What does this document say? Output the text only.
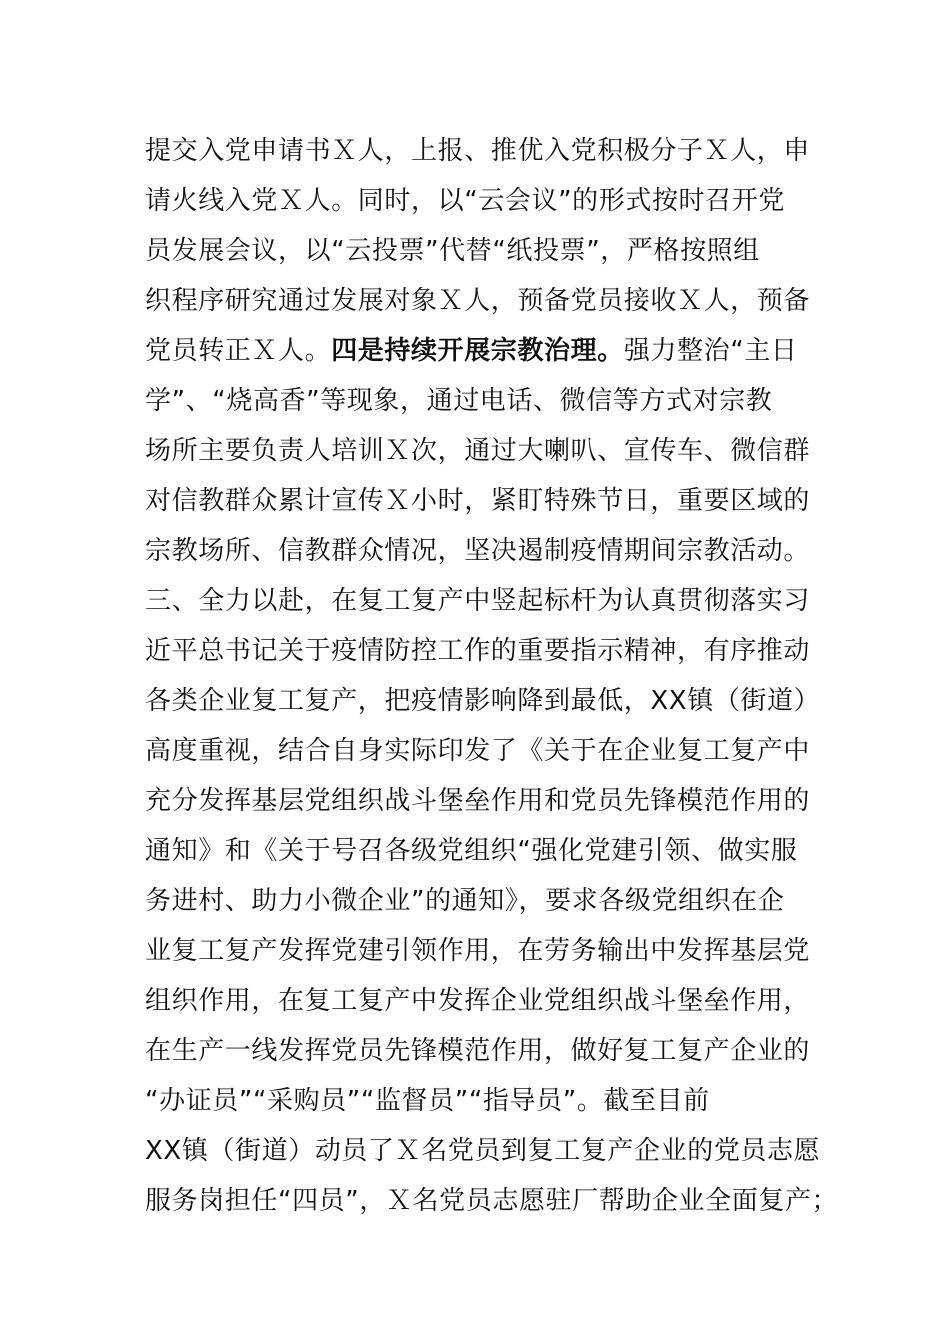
提交入党申请书Ｘ人，上报、推优入党积极分子Ｘ人，申
请火线入党Ｘ人。同时，以“云会议”的形式按时召开党
员发展会议，以“云投票”代替“纸投票”，严格按照组
织程序研究通过发展对象Ｘ人，预备党员接收Ｘ人，预备
党员转正Ｘ人。四是持续开展宗教治理。强力整治“主日
学”、“烧高香”等现象，通过电话、微信等方式对宗教
场所主要负责人培训Ｘ次，通过大喇叭、宣传车、微信群
对信教群众累计宣传Ｘ小时，紧盯特殊节日，重要区域的
宗教场所、信教群众情况，坚决遏制疫情期间宗教活动。
三、全力以赴，在复工复产中竖起标杆为认真贯彻落实习
近平总书记关于疫情防控工作的重要指示精神，有序推动
各类企业复工复产，把疫情影响降到最低，XX镇（街道）
高度重视，结合自身实际印发了《关于在企业复工复产中
充分发挥基层党组织战斗堡垒作用和党员先锋模范作用的
通知》和《关于号召各级党组织“强化党建引领、做实服
务进村、助力小微企业”的通知》，要求各级党组织在企
业复工复产发挥党建引领作用，在劳务输出中发挥基层党
组织作用，在复工复产中发挥企业党组织战斗堡垒作用，
在生产一线发挥党员先锋模范作用，做好复工复产企业的
“办证员”“采购员”“监督员”“指导员”。截至目前
XX镇（街道）动员了Ｘ名党员到复工复产企业的党员志愿
服务岗担任“四员”，Ｘ名党员志愿驻厂帮助企业全面复产；
